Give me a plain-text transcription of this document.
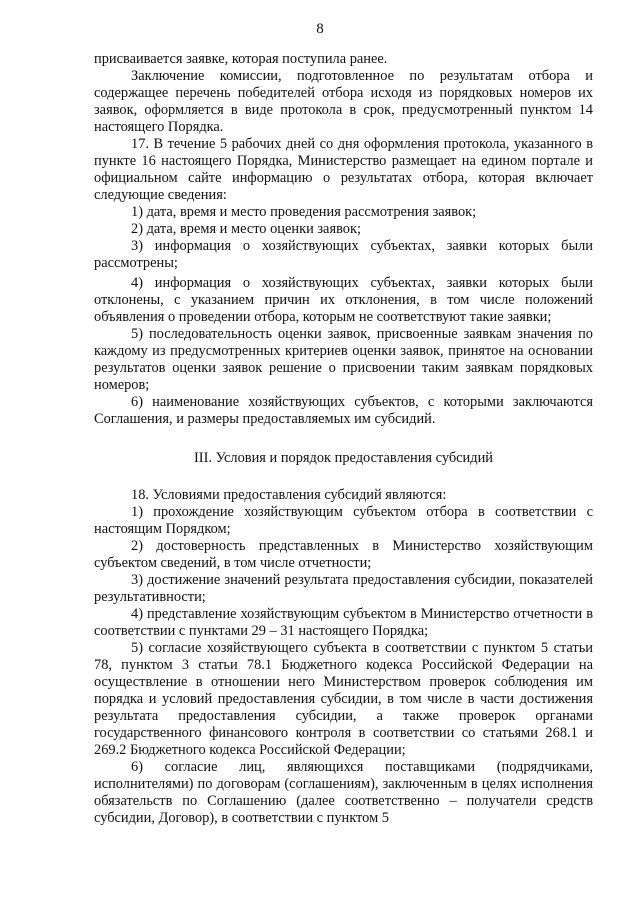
8

присваивается заявке, которая поступила ранее.

Заключение комиссии, подготовленное по результатам отбора и содержащее перечень победителей отбора исходя из порядковых номеров их заявок, оформляется в виде протокола в срок, предусмотренный пунктом 14 настоящего Порядка.

17. В течение 5 рабочих дней со дня оформления протокола, указанного в пункте 16 настоящего Порядка, Министерство размещает на едином портале и официальном сайте информацию о результатах отбора, которая включает следующие сведения:

1) дата, время и место проведения рассмотрения заявок;

2) дата, время и место оценки заявок;

3) информация о хозяйствующих субъектах, заявки которых были рассмотрены;

4) информация о хозяйствующих субъектах, заявки которых были отклонены, с указанием причин их отклонения, в том числе положений объявления о проведении отбора, которым не соответствуют такие заявки;

5) последовательность оценки заявок, присвоенные заявкам значения по каждому из предусмотренных критериев оценки заявок, принятое на основании результатов оценки заявок решение о присвоении таким заявкам порядковых номеров;

6) наименование хозяйствующих субъектов, с которыми заключаются Соглашения, и размеры предоставляемых им субсидий.

III. Условия и порядок предоставления субсидий

18. Условиями предоставления субсидий являются:

1) прохождение хозяйствующим субъектом отбора в соответствии с настоящим Порядком;

2) достоверность представленных в Министерство хозяйствующим субъектом сведений, в том числе отчетности;

3) достижение значений результата предоставления субсидии, показателей результативности;

4) представление хозяйствующим субъектом в Министерство отчетности в соответствии с пунктами 29 – 31 настоящего Порядка;

5) согласие хозяйствующего субъекта в соответствии с пунктом 5 статьи 78, пунктом 3 статьи 78.1 Бюджетного кодекса Российской Федерации на осуществление в отношении него Министерством проверок соблюдения им порядка и условий предоставления субсидии, в том числе в части достижения результата предоставления субсидии, а также проверок органами государственного финансового контроля в соответствии со статьями 268.1 и 269.2 Бюджетного кодекса Российской Федерации;

6) согласие лиц, являющихся поставщиками (подрядчиками, исполнителями) по договорам (соглашениям), заключенным в целях исполнения обязательств по Соглашению (далее соответственно – получатели средств субсидии, Договор), в соответствии с пунктом 5
